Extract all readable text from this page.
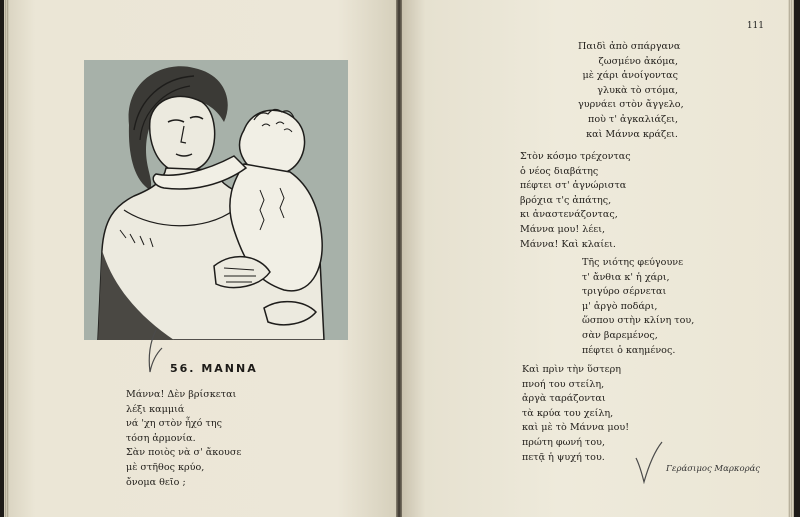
56. ΜΑΝΝΑ
Μάννα! Δὲν βρίσκεται
λέξι καμμιά
νά 'χη στὸν ἦχό της
τόση ἁρμονία.
Σὰν ποιὸς νὰ σ' ἄκουσε
μὲ στῆθος κρύο,
ὄνομα θεῖο ;
111
Παιδὶ ἀπὸ σπάργανα
ζωσμένο ἀκόμα,
μὲ χάρι ἀνοίγοντας
γλυκὰ τὸ στόμα,
γυρνάει στὸν ἄγγελο,
ποὺ τ' ἀγκαλιάζει,
καὶ Μάννα κράζει.
Στὸν κόσμο τρέχοντας
ὁ νέος διαβάτης
πέφτει στ' ἀγνώριστα
βρόχια τ'ς ἀπάτης,
κι ἀναστενάζοντας,
Μάννα μου! λέει,
Μάννα! Καὶ κλαίει.
Τῆς νιότης φεύγουνε
τ' ἄνθια κ' ἡ χάρι,
τριγύρο σέρνεται
μ' ἀργὸ ποδάρι,
ὥσπου στὴν κλίνη του,
σὰν βαρεμένος,
πέφτει ὁ καημένος.
Καὶ πρὶν τὴν ὕστερη
πνοή του στείλη,
ἀργὰ ταράζονται
τὰ κρύα του χείλη,
καὶ μὲ τὸ Μάννα μου!
πρώτη φωνή του,
πετᾷ ἡ ψυχή του.
Γεράσιμος Μαρκοράς
